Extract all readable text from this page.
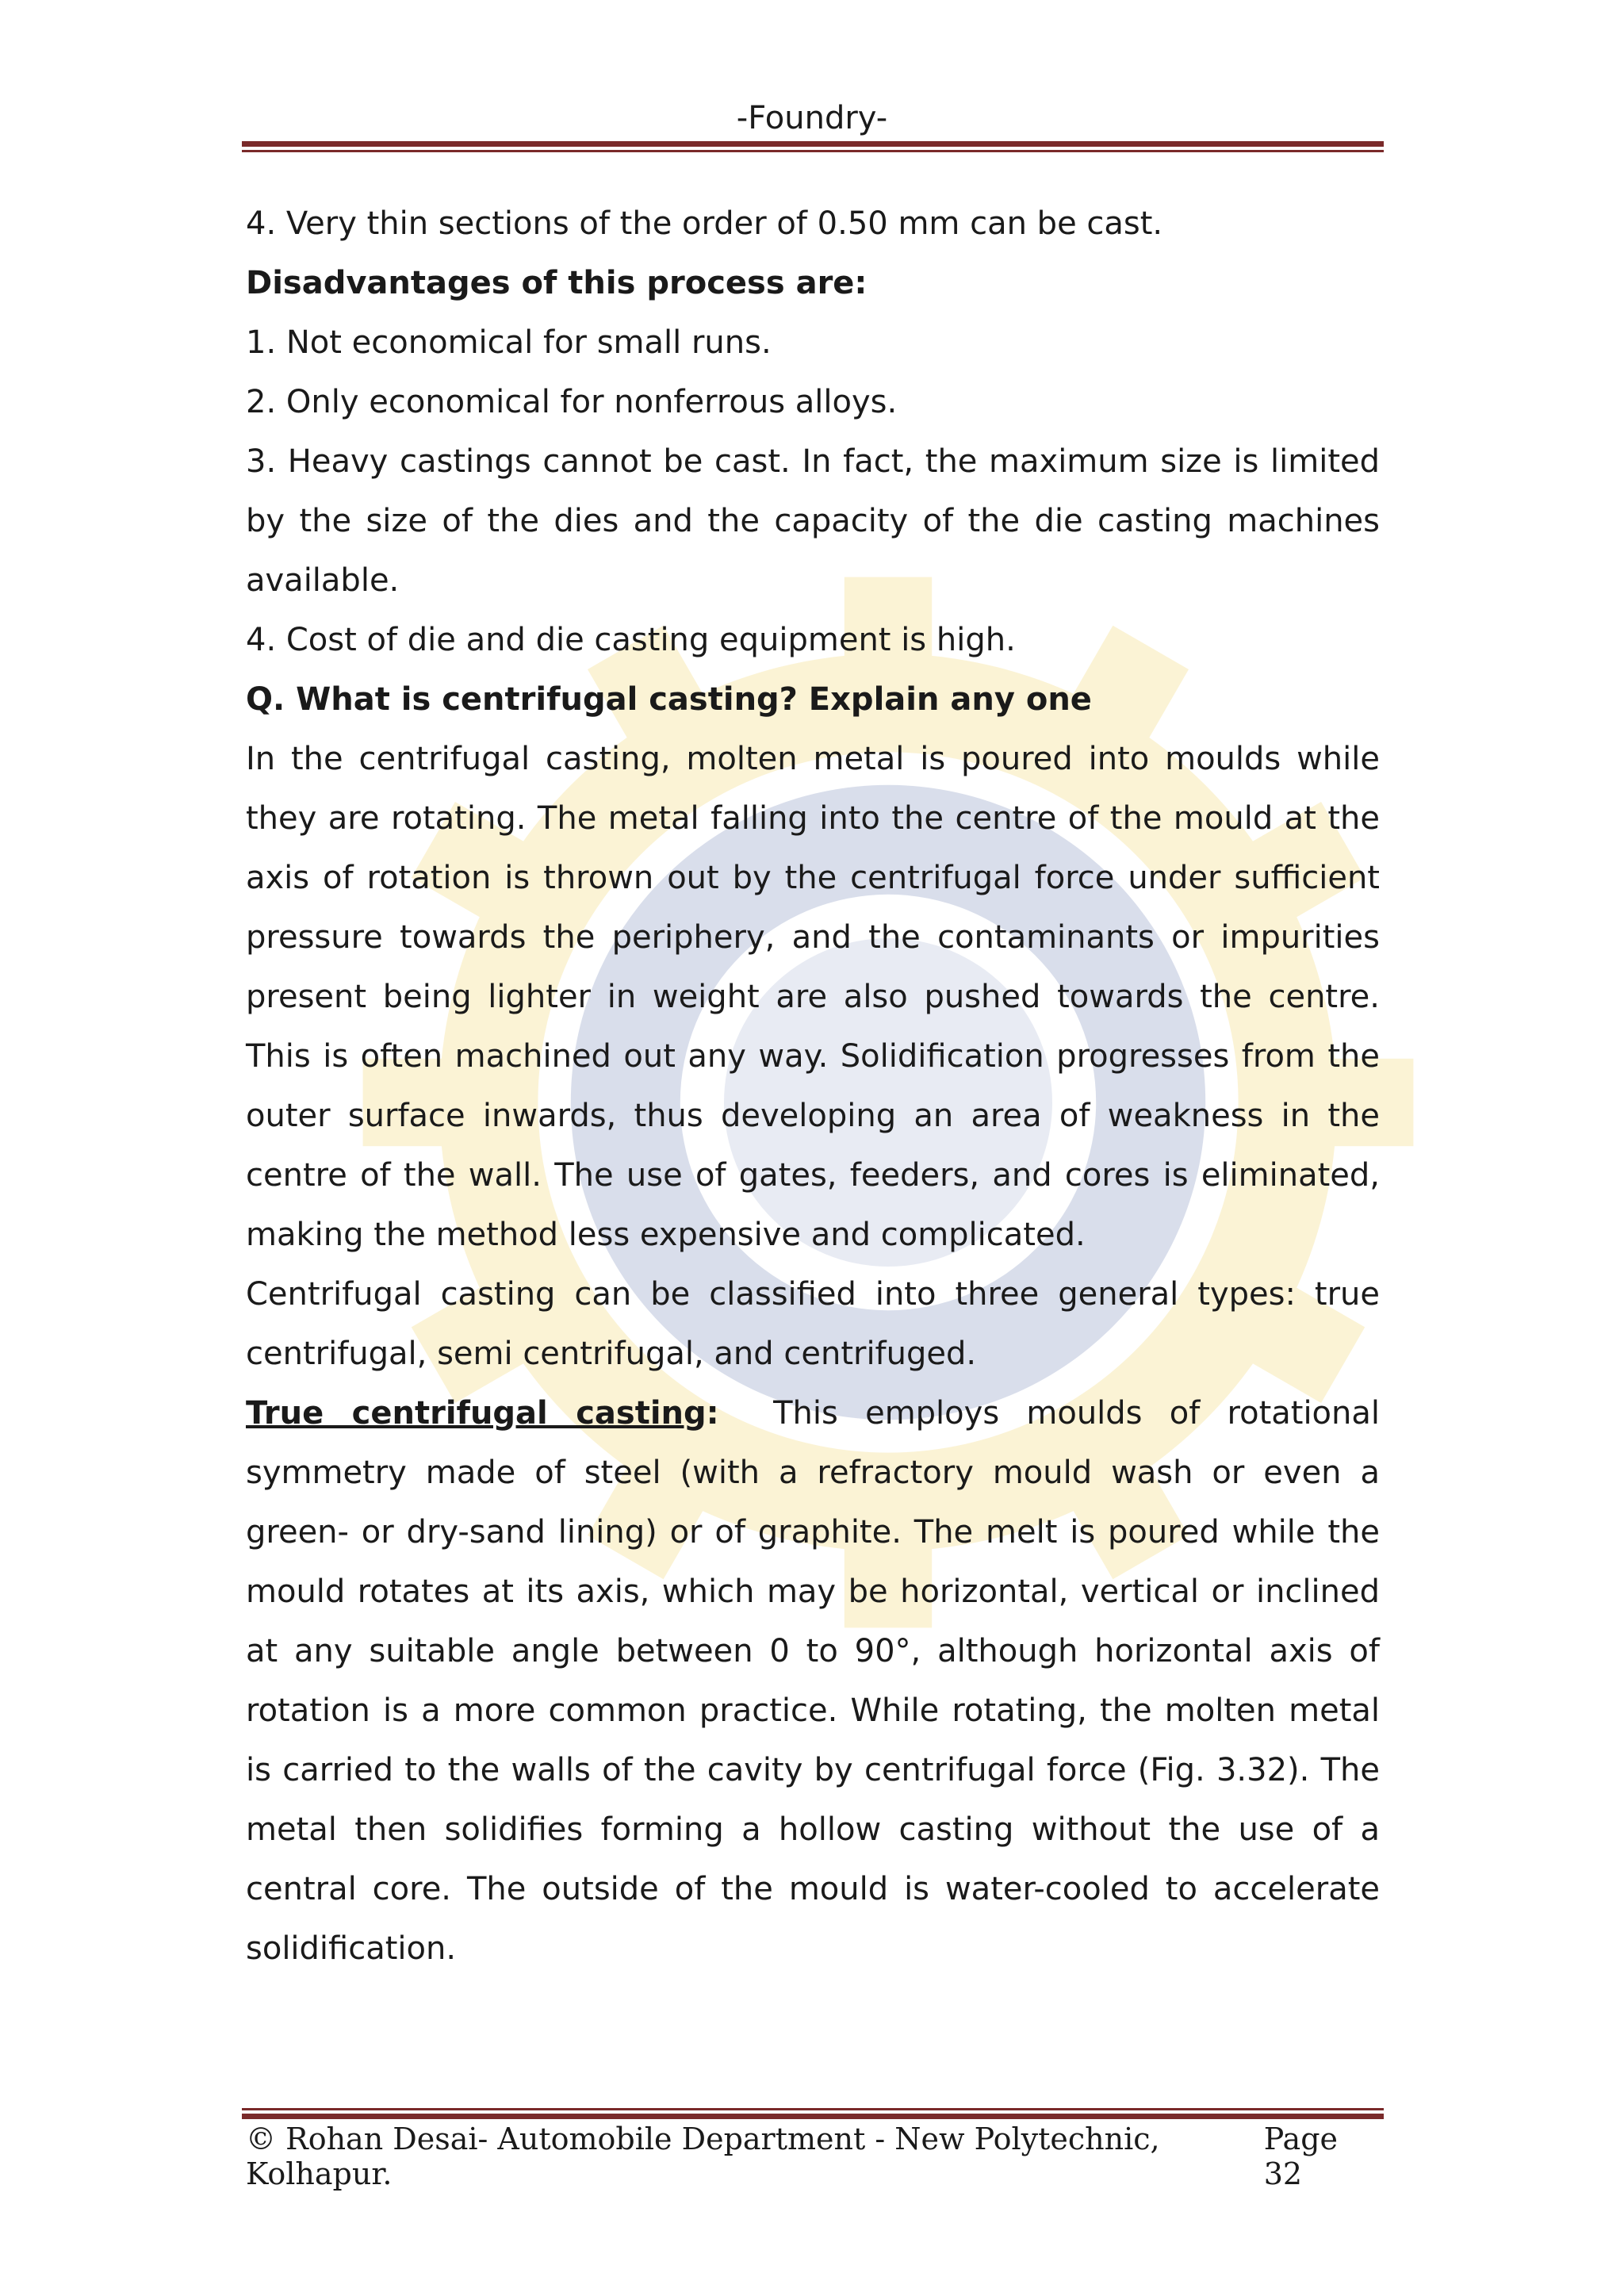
-Foundry-

4. Very thin sections of the order of 0.50 mm can be cast.

Disadvantages of this process are:

1. Not economical for small runs.

2. Only economical for nonferrous alloys.

3. Heavy castings cannot be cast. In fact, the maximum size is limited by the size of the dies and the capacity of the die casting machines available.

4. Cost of die and die casting equipment is high.

Q. What is centrifugal casting? Explain any one

In the centrifugal casting, molten metal is poured into moulds while they are rotating. The metal falling into the centre of the mould at the axis of rotation is thrown out by the centrifugal force under sufficient pressure towards the periphery, and the contaminants or impurities present being lighter in weight are also pushed towards the centre. This is often machined out any way. Solidification progresses from the outer surface inwards, thus developing an area of weakness in the centre of the wall. The use of gates, feeders, and cores is eliminated, making the method less expensive and complicated.

Centrifugal casting can be classified into three general types: true centrifugal, semi centrifugal, and centrifuged.

True centrifugal casting: This employs moulds of rotational symmetry made of steel (with a refractory mould wash or even a green- or dry-sand lining) or of graphite. The melt is poured while the mould rotates at its axis, which may be horizontal, vertical or inclined at any suitable angle between 0 to 90°, although horizontal axis of rotation is a more common practice. While rotating, the molten metal is carried to the walls of the cavity by centrifugal force (Fig. 3.32). The metal then solidifies forming a hollow casting without the use of a central core. The outside of the mould is water-cooled to accelerate solidification.

© Rohan Desai- Automobile Department - New Polytechnic, Kolhapur.
Page 32
